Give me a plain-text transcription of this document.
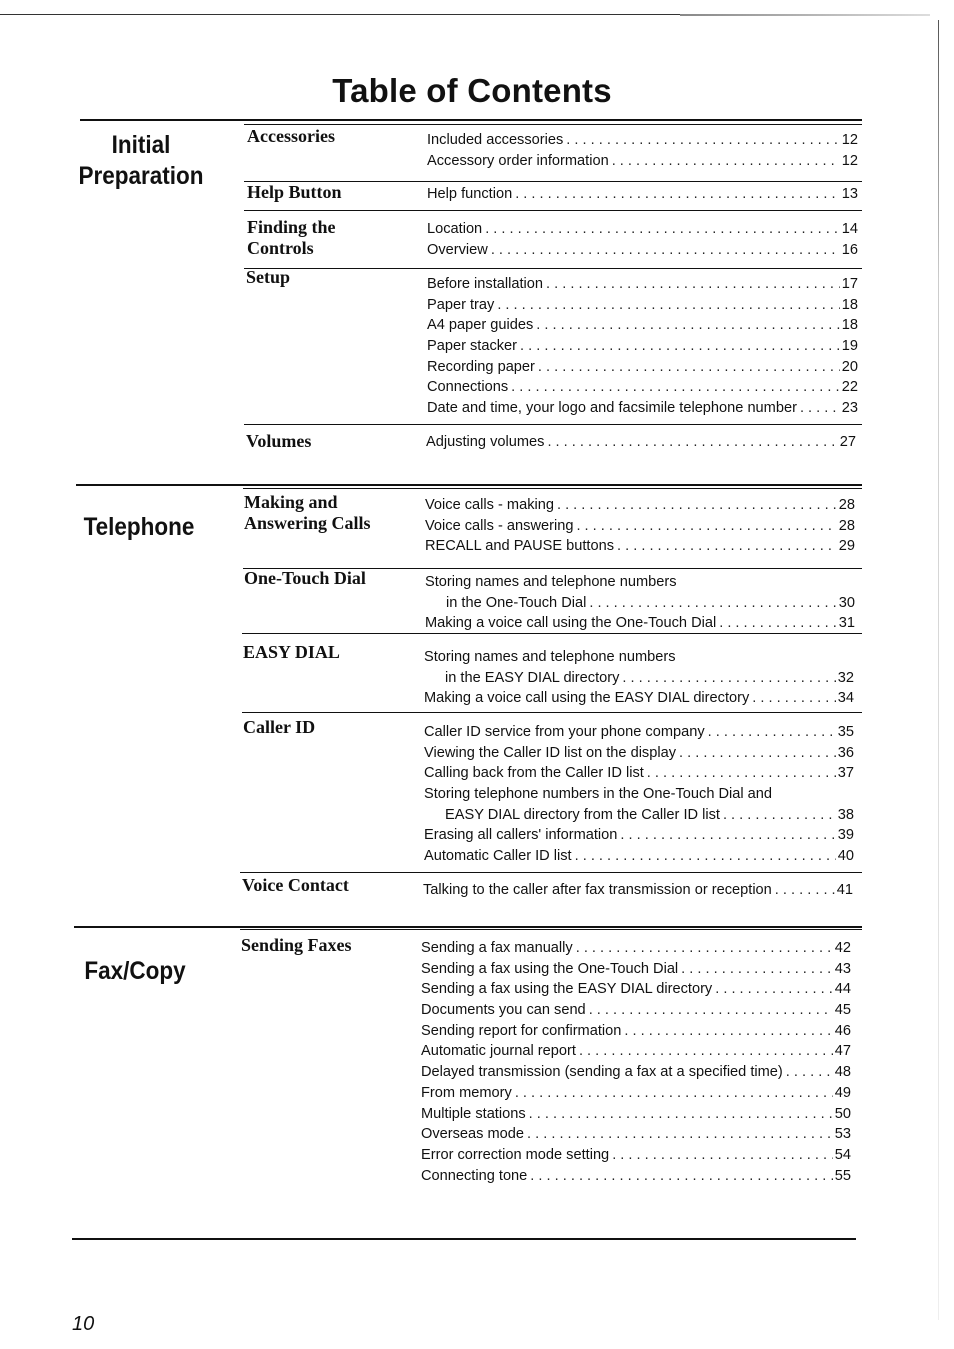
Table of Contents
Initial Preparation
Accessories	Included accessories . . .	12
Accessory order information . . .	12
Help Button	Help function . . .	13
Finding the Controls
Location . . .	14
Overview . . .	16
Setup	Before installation . . .	17
Paper tray . . .	18
A4 paper guides . . .	18
Paper stacker . . .	19
Recording paper . . .	20
Connections . . .	22
Date and time, your logo and facsimile telephone number . . .	23
Volumes	Adjusting volumes . . .	27
Telephone
Making and Answering Calls
Voice calls - making . . .	28
Voice calls - answering . . .	28
RECALL and PAUSE buttons . . .	29
One-Touch Dial	Storing names and telephone numbers
in the One-Touch Dial . . .	30
Making a voice call using the One-Touch Dial . . .	31
EASY DIAL	Storing names and telephone numbers
in the EASY DIAL directory . . .	32
Making a voice call using the EASY DIAL directory . . .	34
Caller ID	Caller ID service from your phone company . . .	35
Viewing the Caller ID list on the display . . .	36
Calling back from the Caller ID list . . .	37
Storing telephone numbers in the One-Touch Dial and
EASY DIAL directory from the Caller ID list . . .	38
Erasing all callers' information . . .	39
Automatic Caller ID list . . .	40
Voice Contact	Talking to the caller after fax transmission or reception . . .	41
Fax/Copy
Sending Faxes	Sending a fax manually . . .	42
Sending a fax using the One-Touch Dial . . .	43
Sending a fax using the EASY DIAL directory . . .	44
Documents you can send . . .	45
Sending report for confirmation . . .	46
Automatic journal report . . .	47
Delayed transmission (sending a fax at a specified time) . . .	48
From memory . . .	49
Multiple stations . . .	50
Overseas mode . . .	53
Error correction mode setting . . .	54
Connecting tone . . .	55
10
